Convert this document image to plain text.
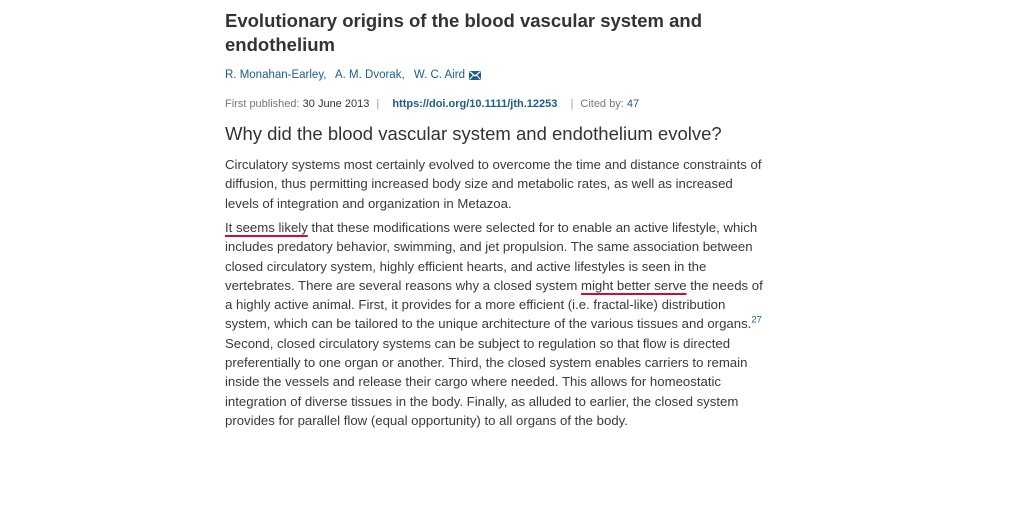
Evolutionary origins of the blood vascular system and endothelium
R. Monahan-Earley, A. M. Dvorak, W. C. Aird
First published: 30 June 2013 | https://doi.org/10.1111/jth.12253 | Cited by: 47
Why did the blood vascular system and endothelium evolve?

Circulatory systems most certainly evolved to overcome the time and distance constraints of
diffusion, thus permitting increased body size and metabolic rates, as well as increased
levels of integration and organization in Metazoa.

It seems likely that these modifications were selected for to enable an active lifestyle, which
includes predatory behavior, swimming, and jet propulsion. The same association between
closed circulatory system, highly efficient hearts, and active lifestyles is seen in the
vertebrates. There are several reasons why a closed system might better serve the needs of
a highly active animal. First, it provides for a more efficient (i.e. fractal-like) distribution
system, which can be tailored to the unique architecture of the various tissues and organs.$^{27}$
Second, closed circulatory systems can be subject to regulation so that flow is directed
preferentially to one organ or another. Third, the closed system enables carriers to remain
inside the vessels and release their cargo where needed. This allows for homeostatic
integration of diverse tissues in the body. Finally, as alluded to earlier, the closed system
provides for parallel flow (equal opportunity) to all organs of the body.
